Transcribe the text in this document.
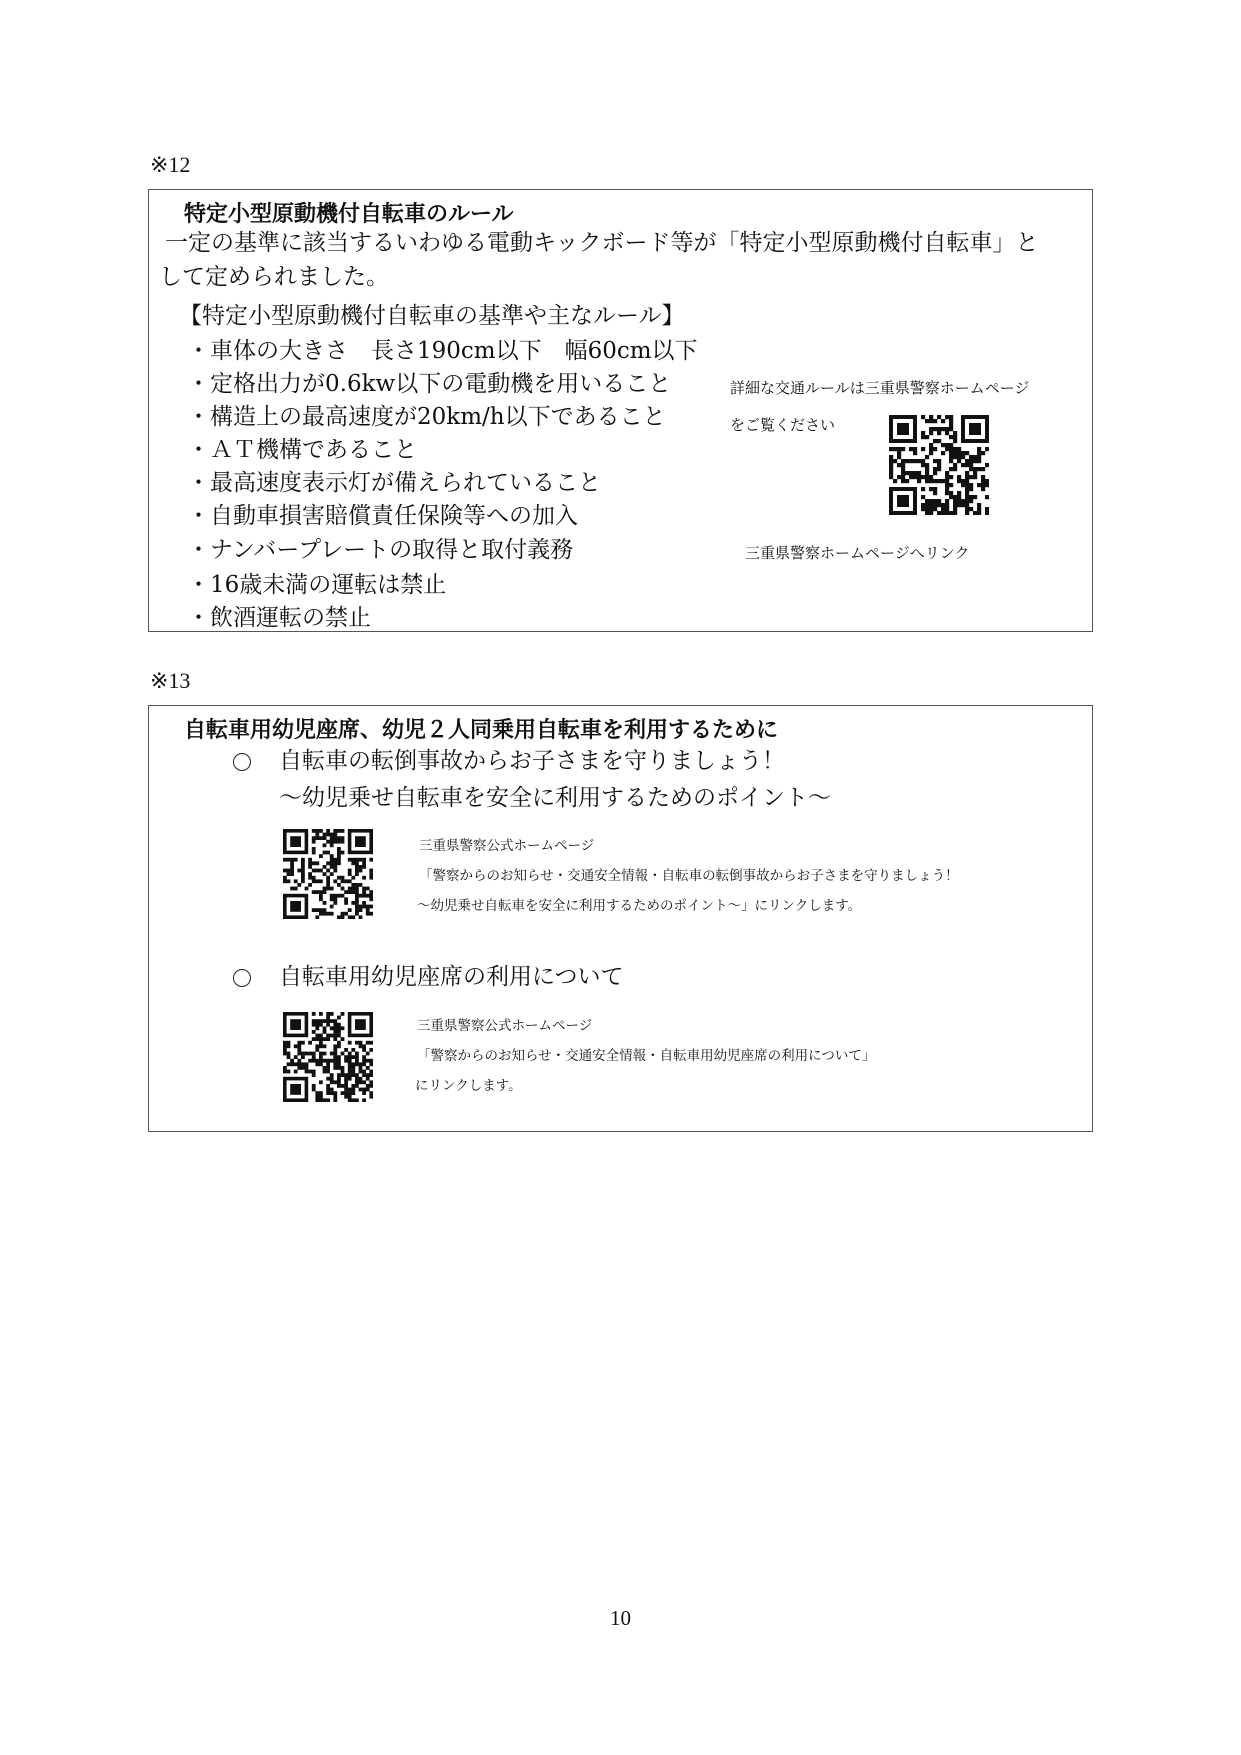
※12
特定小型原動機付自転車のルール
一定の基準に該当するいわゆる電動キックボード等が「特定小型原動機付自転車」と
して定められました。
【特定小型原動機付自転車の基準や主なルール】
・車体の大きさ　長さ190cm以下　幅60cm以下
・定格出力が0.6kw以下の電動機を用いること
・構造上の最高速度が20km/h以下であること
・ＡＴ機構であること
・最高速度表示灯が備えられていること
・自動車損害賠償責任保険等への加入
・ナンバープレートの取得と取付義務
・16歳未満の運転は禁止
・飲酒運転の禁止
詳細な交通ルールは三重県警察ホームページ
をご覧ください
三重県警察ホームページへリンク
※13
自転車用幼児座席、幼児２人同乗用自転車を利用するために
自転車の転倒事故からお子さまを守りましょう！
〜幼児乗せ自転車を安全に利用するためのポイント〜
三重県警察公式ホームページ
「警察からのお知らせ・交通安全情報・自転車の転倒事故からお子さまを守りましょう！
〜幼児乗せ自転車を安全に利用するためのポイント〜」にリンクします。
自転車用幼児座席の利用について
三重県警察公式ホームページ
「警察からのお知らせ・交通安全情報・自転車用幼児座席の利用について」
にリンクします。
10
